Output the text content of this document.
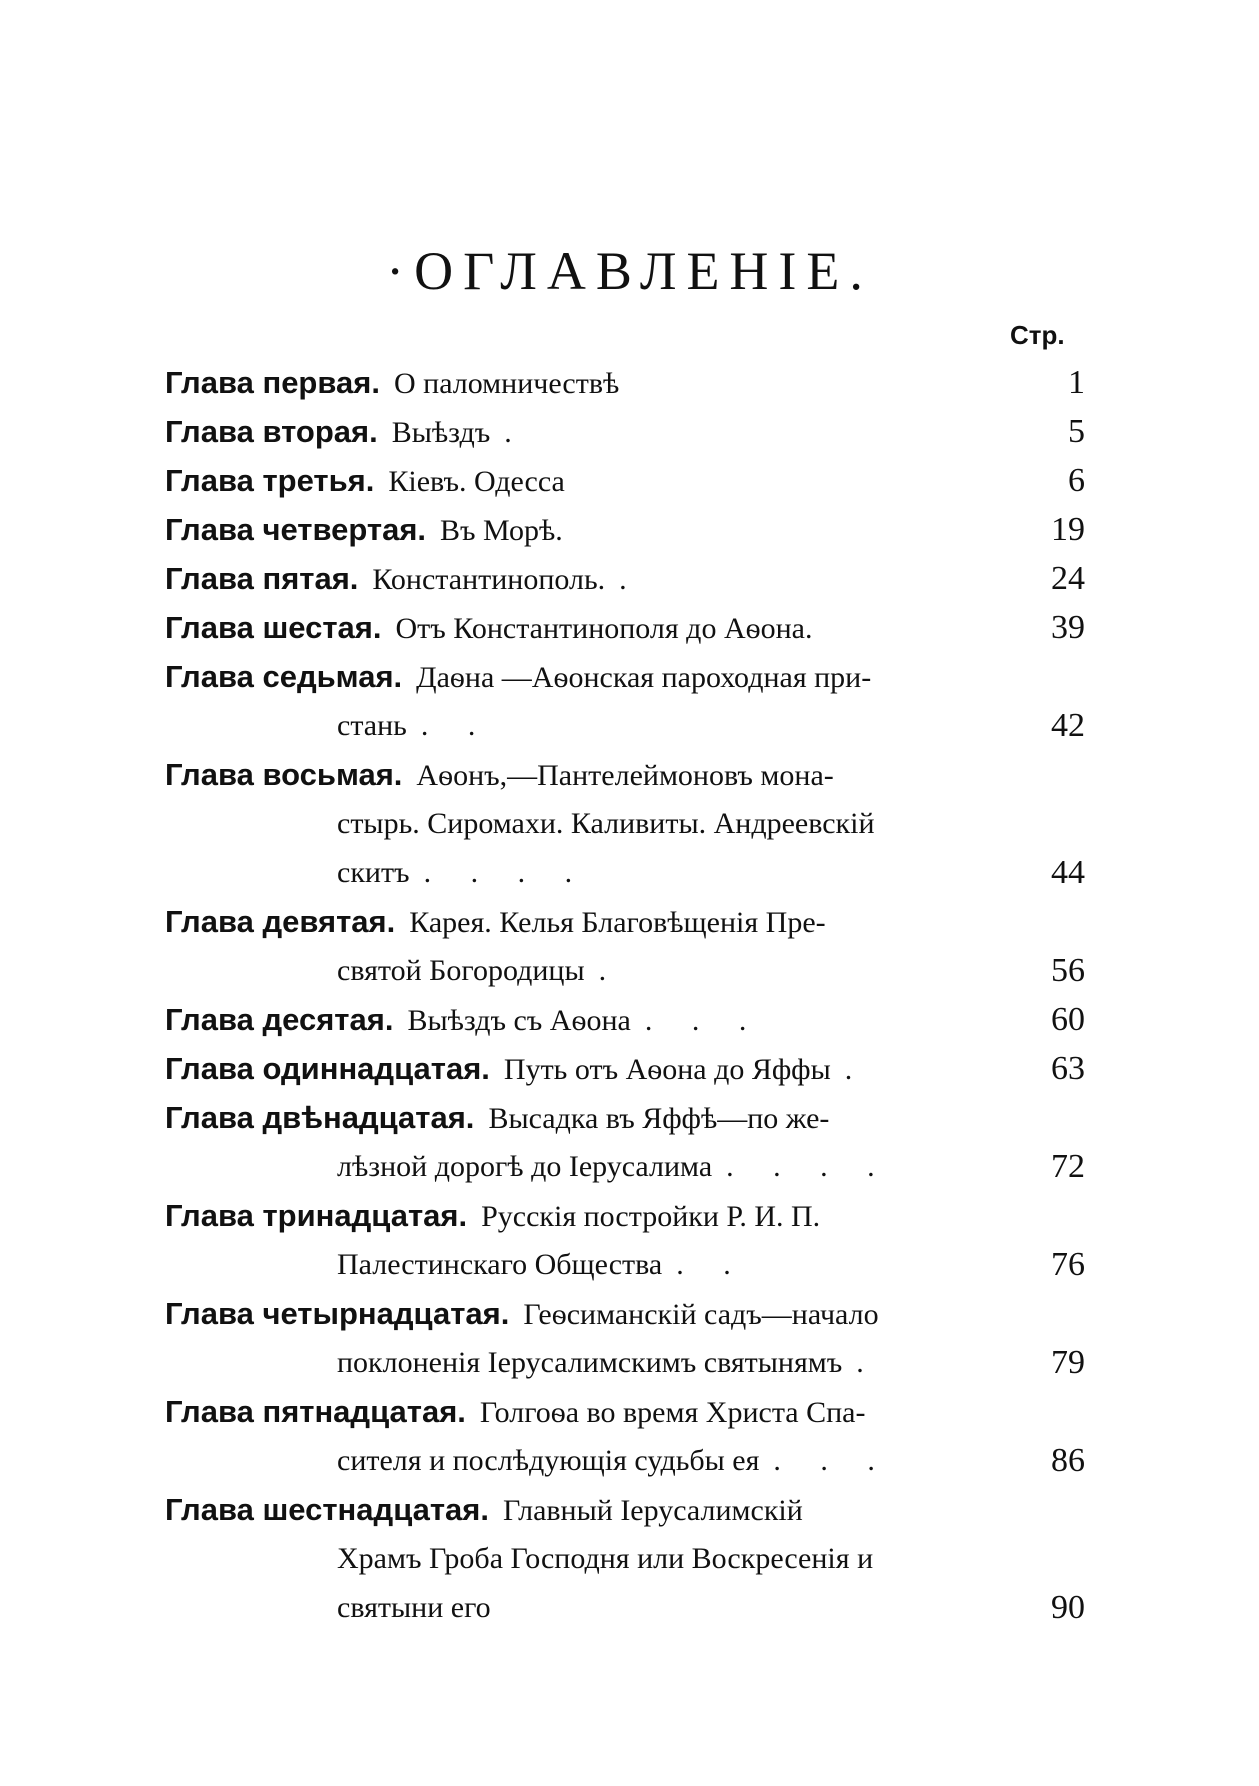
·ОГЛАВЛЕНІЕ.
Стр.
Глава первая. О паломничествѣ	1
Глава вторая. Выѣздъ .	5
Глава третья. Кіевъ. Одесса	6
Глава четвертая. Въ Морѣ.	19
Глава пятая. Константинополь. .	24
Глава шестая. Отъ Константинополя до Аѳона.	39
Глава седьмая. Даѳна —Аѳонская пароходная при-
стань . .	42
Глава восьмая. Аѳонъ,—Пантелеймоновъ мона-
стырь. Сиромахи. Каливиты. Андреевскій
скитъ . . . .	44
Глава девятая. Карея. Келья Благовѣщенія Пре-
святой Богородицы .	56
Глава десятая. Выѣздъ съ Аѳона . . .	60
Глава одиннадцатая. Путь отъ Аѳона до Яффы .	63
Глава двѣнадцатая. Высадка въ Яффѣ—по же-
лѣзной дорогѣ до Іерусалима . . . .	72
Глава тринадцатая. Русскія постройки Р. И. П.
Палестинскаго Общества . .	76
Глава четырнадцатая. Геѳсиманскій садъ—начало
поклоненія Іерусалимскимъ святынямъ .	79
Глава пятнадцатая. Голгоѳа во время Христа Спа-
сителя и послѣдующія судьбы ея . . .	86
Глава шестнадцатая. Главный Іерусалимскій
Храмъ Гроба Господня или Воскресенія и
святыни его	90
